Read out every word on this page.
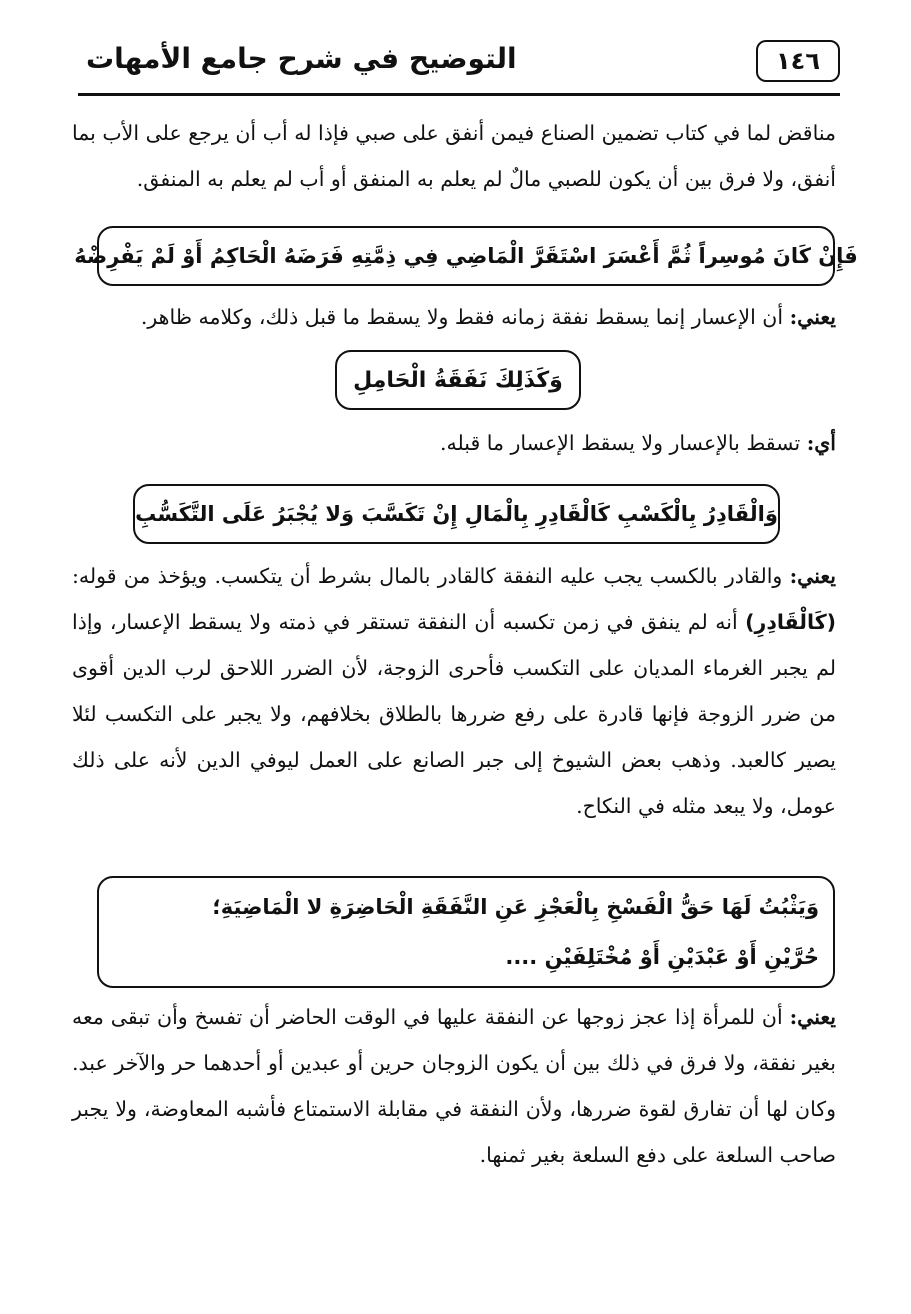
١٤٦
التوضيح في شرح جامع الأمهات
مناقض لما في كتاب تضمين الصناع فيمن أنفق على صبي فإذا له أب أن يرجع على الأب بما أنفق، ولا فرق بين أن يكون للصبي مالٌ لم يعلم به المنفق أو أب لم يعلم به المنفق.
فَإِنْ كَانَ مُوسِراً ثُمَّ أَعْسَرَ اسْتَقَرَّ الْمَاضِي فِي ذِمَّتِهِ فَرَضَهُ الْحَاكِمُ أَوْ لَمْ يَفْرِضْهُ
يعني: أن الإعسار إنما يسقط نفقة زمانه فقط ولا يسقط ما قبل ذلك، وكلامه ظاهر.
وَكَذَلِكَ نَفَقَةُ الْحَامِلِ
أي: تسقط بالإعسار ولا يسقط الإعسار ما قبله.
وَالْقَادِرُ بِالْكَسْبِ كَالْقَادِرِ بِالْمَالِ إِنْ تَكَسَّبَ وَلا يُجْبَرُ عَلَى التَّكَسُّبِ
يعني: والقادر بالكسب يجب عليه النفقة كالقادر بالمال بشرط أن يتكسب. ويؤخذ من قوله: (كَالْقَادِرِ) أنه لم ينفق في زمن تكسبه أن النفقة تستقر في ذمته ولا يسقط الإعسار، وإذا لم يجبر الغرماء المديان على التكسب فأحرى الزوجة، لأن الضرر اللاحق لرب الدين أقوى من ضرر الزوجة فإنها قادرة على رفع ضررها بالطلاق بخلافهم، ولا يجبر على التكسب لئلا يصير كالعبد. وذهب بعض الشيوخ إلى جبر الصانع على العمل ليوفي الدين لأنه على ذلك عومل، ولا يبعد مثله في النكاح.
وَيَثْبُتُ لَهَا حَقُّ الْفَسْخِ بِالْعَجْزِ عَنِ النَّفَقَةِ الْحَاضِرَةِ لا الْمَاضِيَةِ؛
حُرَّيْنِ أَوْ عَبْدَيْنِ أَوْ مُخْتَلِفَيْنِ ....
يعني: أن للمرأة إذا عجز زوجها عن النفقة عليها في الوقت الحاضر أن تفسخ وأن تبقى معه بغير نفقة، ولا فرق في ذلك بين أن يكون الزوجان حرين أو عبدين أو أحدهما حر والآخر عبد. وكان لها أن تفارق لقوة ضررها، ولأن النفقة في مقابلة الاستمتاع فأشبه المعاوضة، ولا يجبر صاحب السلعة على دفع السلعة بغير ثمنها.
